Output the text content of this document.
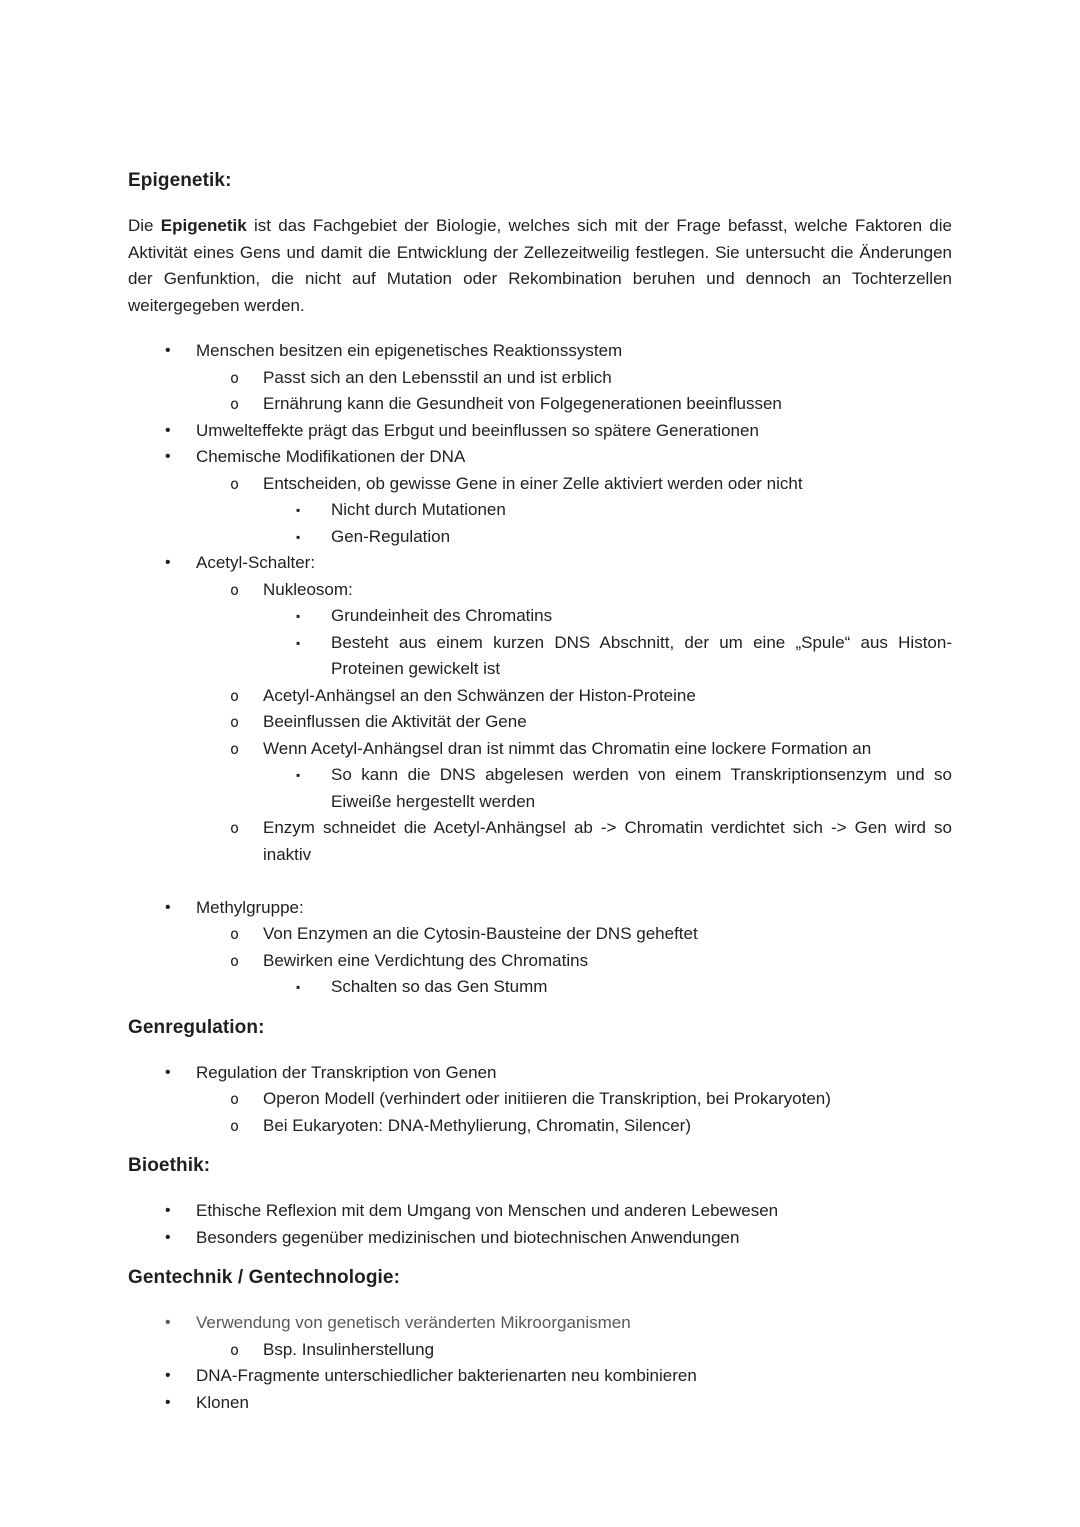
Epigenetik:
Die Epigenetik ist das Fachgebiet der Biologie, welches sich mit der Frage befasst, welche Faktoren die Aktivität eines Gens und damit die Entwicklung der Zellezeitweilig festlegen. Sie untersucht die Änderungen der Genfunktion, die nicht auf Mutation oder Rekombination beruhen und dennoch an Tochterzellen weitergegeben werden.
• Menschen besitzen ein epigenetisches Reaktionssystem
o Passt sich an den Lebensstil an und ist erblich
o Ernährung kann die Gesundheit von Folgegenerationen beeinflussen
• Umwelteffekte prägt das Erbgut und beeinflussen so spätere Generationen
• Chemische Modifikationen der DNA
o Entscheiden, ob gewisse Gene in einer Zelle aktiviert werden oder nicht
▪ Nicht durch Mutationen
▪ Gen-Regulation
• Acetyl-Schalter:
o Nukleosom:
▪ Grundeinheit des Chromatins
▪ Besteht aus einem kurzen DNS Abschnitt, der um eine „Spule“ aus Histon-Proteinen gewickelt ist
o Acetyl-Anhängsel an den Schwänzen der Histon-Proteine
o Beeinflussen die Aktivität der Gene
o Wenn Acetyl-Anhängsel dran ist nimmt das Chromatin eine lockere Formation an
▪ So kann die DNS abgelesen werden von einem Transkriptionsenzym und so Eiweiße hergestellt werden
o Enzym schneidet die Acetyl-Anhängsel ab -> Chromatin verdichtet sich -> Gen wird so inaktiv
• Methylgruppe:
o Von Enzymen an die Cytosin-Bausteine der DNS geheftet
o Bewirken eine Verdichtung des Chromatins
▪ Schalten so das Gen Stumm
Genregulation:
• Regulation der Transkription von Genen
o Operon Modell (verhindert oder initiieren die Transkription, bei Prokaryoten)
o Bei Eukaryoten: DNA-Methylierung, Chromatin, Silencer)
Bioethik:
• Ethische Reflexion mit dem Umgang von Menschen und anderen Lebewesen
• Besonders gegenüber medizinischen und biotechnischen Anwendungen
Gentechnik / Gentechnologie:
• Verwendung von genetisch veränderten Mikroorganismen
o Bsp. Insulinherstellung
• DNA-Fragmente unterschiedlicher bakterienarten neu kombinieren
• Klonen
